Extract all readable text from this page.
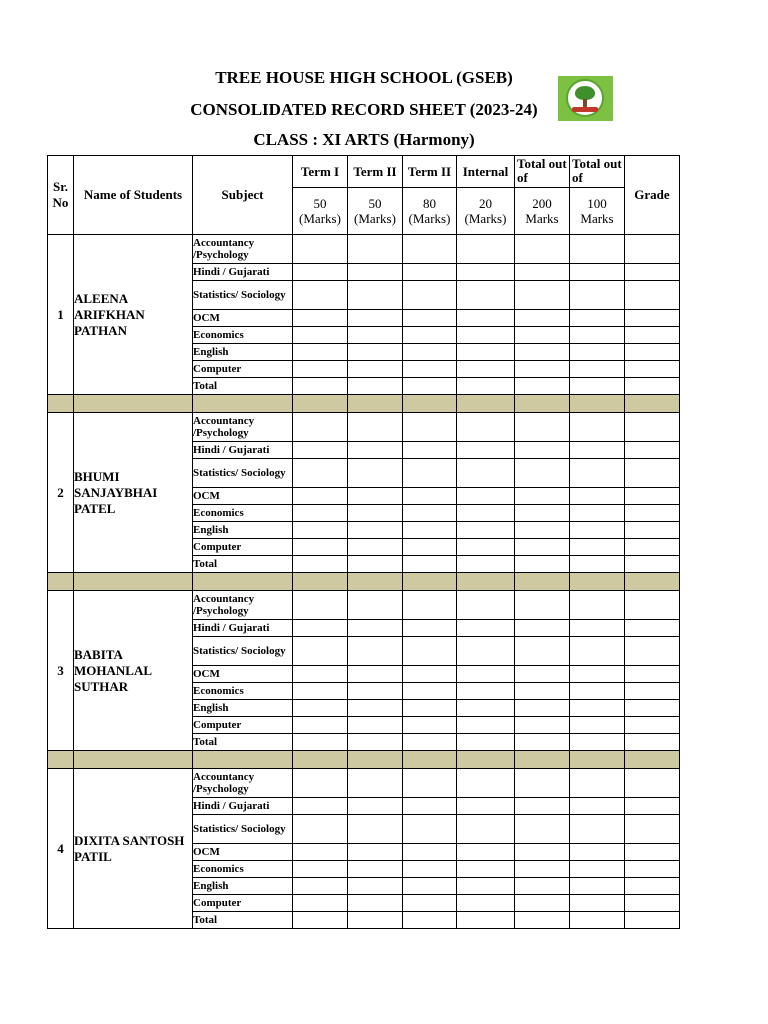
TREE HOUSE HIGH SCHOOL (GSEB)
CONSOLIDATED RECORD SHEET (2023-24)
CLASS : XI ARTS (Harmony)
Sr. No	Name of Students	Subject	Term I	Term II	Term II	Internal	Total out of	Total out of	Grade
			50 (Marks)	50 (Marks)	80 (Marks)	20 (Marks)	200 Marks	100 Marks	
1	ALEENA ARIFKHAN PATHAN	Accountancy /Psychology							
		Hindi / Gujarati							
		Statistics/ Sociology							
		OCM							
		Economics							
		English							
		Computer							
		Total							

2	BHUMI SANJAYBHAI PATEL	Accountancy /Psychology							
		Hindi / Gujarati							
		Statistics/ Sociology							
		OCM							
		Economics							
		English							
		Computer							
		Total							

3	BABITA MOHANLAL SUTHAR	Accountancy /Psychology							
		Hindi / Gujarati							
		Statistics/ Sociology							
		OCM							
		Economics							
		English							
		Computer							
		Total							

4	DIXITA SANTOSH PATIL	Accountancy /Psychology							
		Hindi / Gujarati							
		Statistics/ Sociology							
		OCM							
		Economics							
		English							
		Computer							
		Total							
